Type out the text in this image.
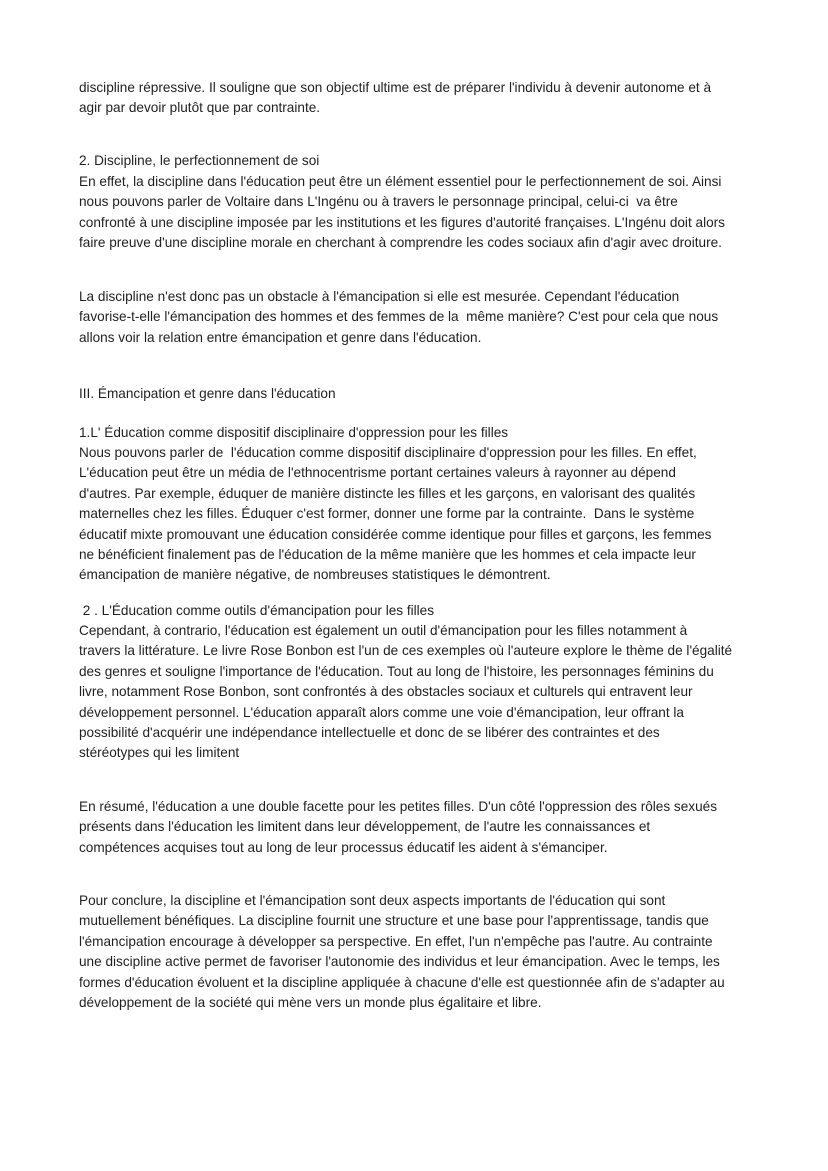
discipline répressive. Il souligne que son objectif ultime est de préparer l'individu à devenir autonome et à
agir par devoir plutôt que par contrainte.

2. Discipline, le perfectionnement de soi

En effet, la discipline dans l'éducation peut être un élément essentiel pour le perfectionnement de soi. Ainsi
nous pouvons parler de Voltaire dans L'Ingénu ou à travers le personnage principal, celui-ci  va être
confronté à une discipline imposée par les institutions et les figures d'autorité françaises. L'Ingénu doit alors
faire preuve d'une discipline morale en cherchant à comprendre les codes sociaux afin d'agir avec droiture.

La discipline n'est donc pas un obstacle à l'émancipation si elle est mesurée. Cependant l'éducation
favorise-t-elle l'émancipation des hommes et des femmes de la  même manière? C'est pour cela que nous
allons voir la relation entre émancipation et genre dans l'éducation.

III. Émancipation et genre dans l'éducation

1.L' Éducation comme dispositif disciplinaire d'oppression pour les filles

Nous pouvons parler de  l'éducation comme dispositif disciplinaire d'oppression pour les filles. En effet,
L'éducation peut être un média de l'ethnocentrisme portant certaines valeurs à rayonner au dépend
d'autres. Par exemple, éduquer de manière distincte les filles et les garçons, en valorisant des qualités
maternelles chez les filles. Éduquer c'est former, donner une forme par la contrainte.  Dans le système
éducatif mixte promouvant une éducation considérée comme identique pour filles et garçons, les femmes
ne bénéficient finalement pas de l'éducation de la même manière que les hommes et cela impacte leur
émancipation de manière négative, de nombreuses statistiques le démontrent.

2 . L'Éducation comme outils d'émancipation pour les filles

Cependant, à contrario, l'éducation est également un outil d'émancipation pour les filles notamment à
travers la littérature. Le livre Rose Bonbon est l'un de ces exemples où l'auteure explore le thème de l'égalité
des genres et souligne l'importance de l'éducation. Tout au long de l'histoire, les personnages féminins du
livre, notamment Rose Bonbon, sont confrontés à des obstacles sociaux et culturels qui entravent leur
développement personnel. L'éducation apparaît alors comme une voie d'émancipation, leur offrant la
possibilité d'acquérir une indépendance intellectuelle et donc de se libérer des contraintes et des
stéréotypes qui les limitent

En résumé, l'éducation a une double facette pour les petites filles. D'un côté l'oppression des rôles sexués
présents dans l'éducation les limitent dans leur développement, de l'autre les connaissances et
compétences acquises tout au long de leur processus éducatif les aident à s'émanciper.

Pour conclure, la discipline et l'émancipation sont deux aspects importants de l'éducation qui sont
mutuellement bénéfiques. La discipline fournit une structure et une base pour l'apprentissage, tandis que
l'émancipation encourage à développer sa perspective. En effet, l'un n'empêche pas l'autre. Au contrainte
une discipline active permet de favoriser l'autonomie des individus et leur émancipation. Avec le temps, les
formes d'éducation évoluent et la discipline appliquée à chacune d'elle est questionnée afin de s'adapter au
développement de la société qui mène vers un monde plus égalitaire et libre.
